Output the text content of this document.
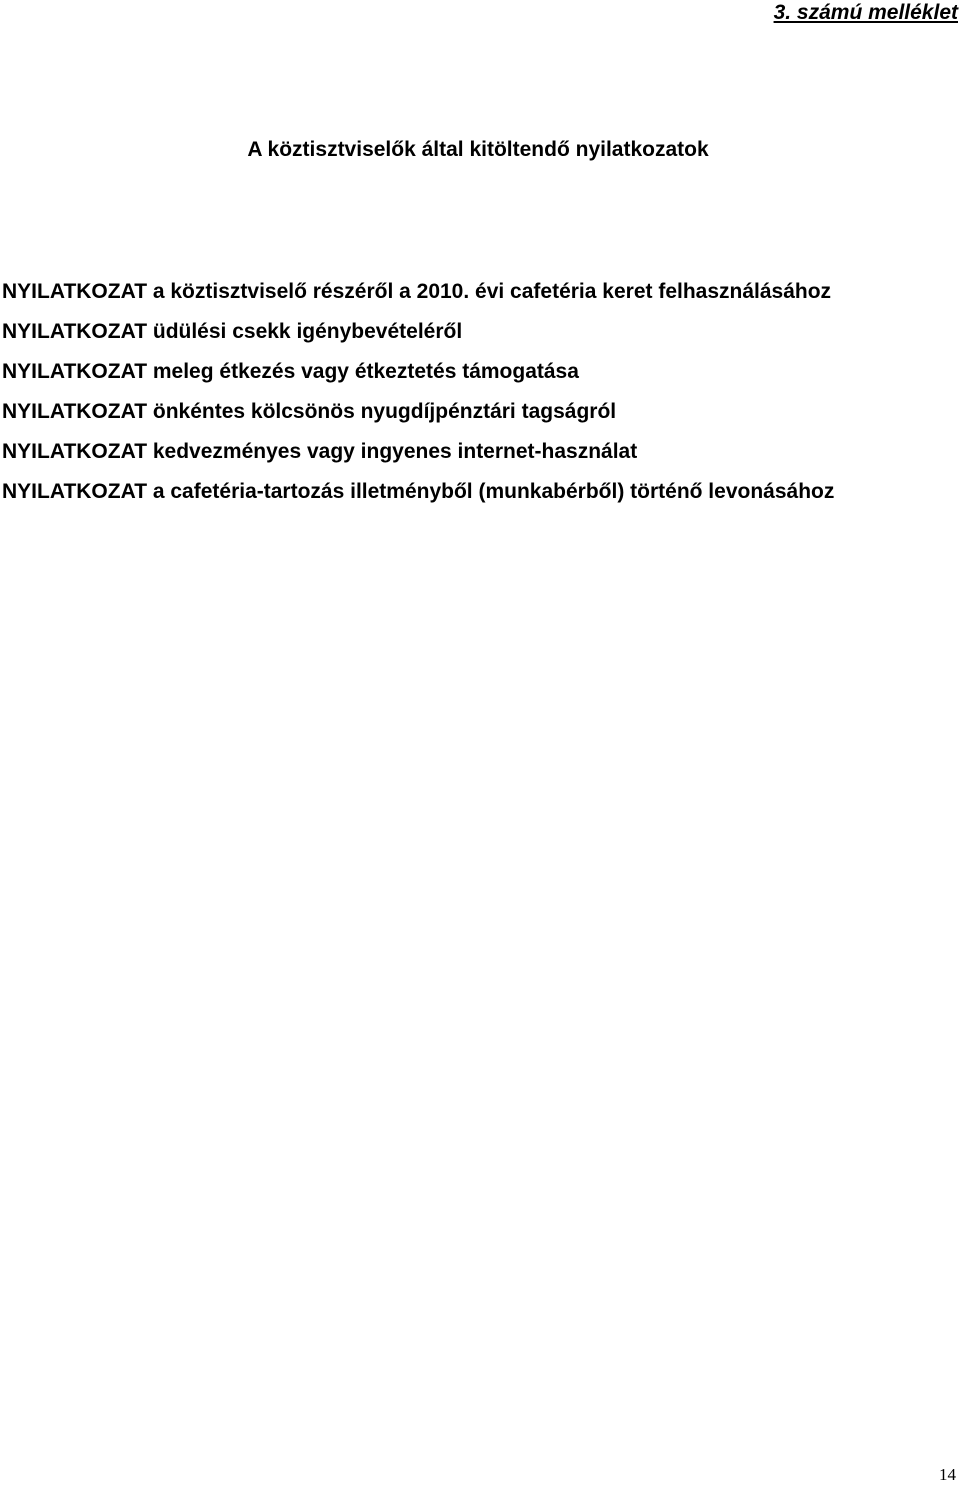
3. számú melléklet
A köztisztviselők által kitöltendő nyilatkozatok
NYILATKOZAT a köztisztviselő részéről a 2010. évi cafetéria keret felhasználásához
NYILATKOZAT üdülési csekk igénybevételéről
NYILATKOZAT meleg étkezés vagy étkeztetés támogatása
NYILATKOZAT önkéntes kölcsönös nyugdíjpénztári tagságról
NYILATKOZAT kedvezményes vagy ingyenes internet-használat
NYILATKOZAT a cafetéria-tartozás illetményből (munkabérből) történő levonásához
14
